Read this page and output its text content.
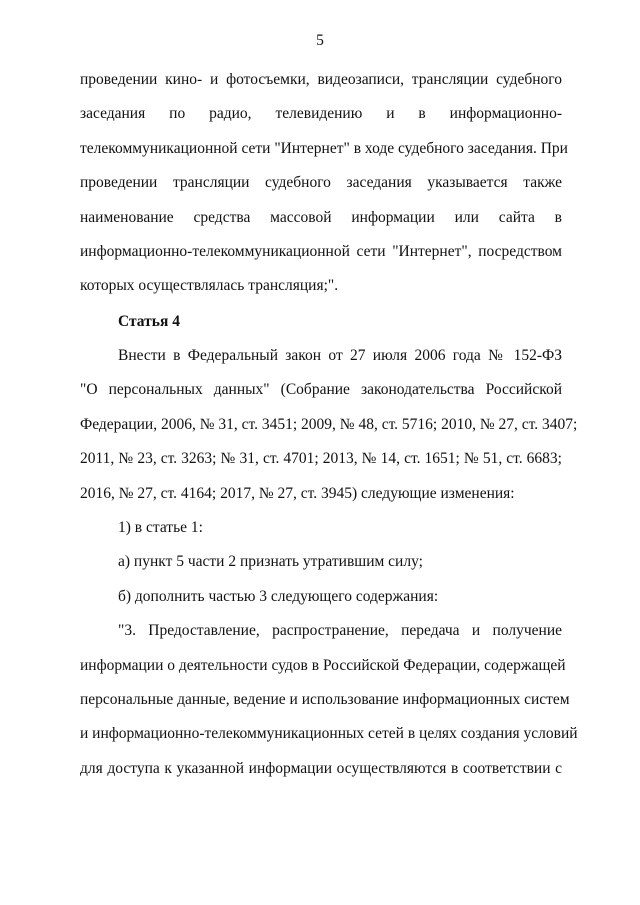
5
проведении кино- и фотосъемки, видеозаписи, трансляции судебного
заседания по радио, телевидению и в информационно-
телекоммуникационной сети "Интернет" в ходе судебного заседания. При
проведении трансляции судебного заседания указывается также
наименование средства массовой информации или сайта в
информационно-телекоммуникационной сети "Интернет", посредством
которых осуществлялась трансляция;".
Статья 4
Внести в Федеральный закон от 27 июля 2006 года № 152-ФЗ
"О персональных данных" (Собрание законодательства Российской
Федерации, 2006, № 31, ст. 3451; 2009, № 48, ст. 5716; 2010, № 27, ст. 3407;
2011, № 23, ст. 3263; № 31, ст. 4701; 2013, № 14, ст. 1651; № 51, ст. 6683;
2016, № 27, ст. 4164; 2017, № 27, ст. 3945) следующие изменения:
1) в статье 1:
а) пункт 5 части 2 признать утратившим силу;
б) дополнить частью 3 следующего содержания:
"3. Предоставление, распространение, передача и получение
информации о деятельности судов в Российской Федерации, содержащей
персональные данные, ведение и использование информационных систем
и информационно-телекоммуникационных сетей в целях создания условий
для доступа к указанной информации осуществляются в соответствии с
